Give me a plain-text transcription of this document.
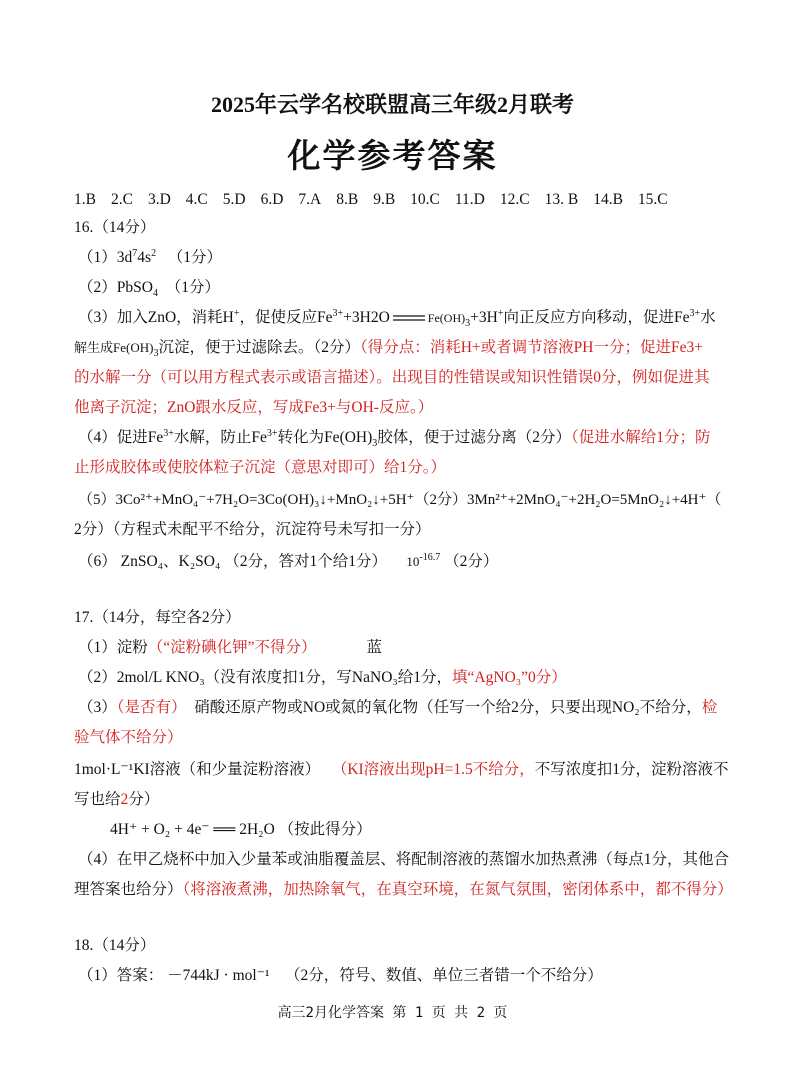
2025年云学名校联盟高三年级2月联考
化学参考答案
1.B 2.C 3.D 4.C 5.D 6.D 7.A 8.B 9.B 10.C 11.D 12.C 13. B 14.B 15.C
16.（14分）
$(1)3d^74s^2$ （1分）
（2）PbSO$_4$ （1分）
（3）加入ZnO，消耗H+，促使反应$Fe^{3+}+3H2O$	$Fe(OH)_3+3H^+$向正反应方向移动，促进$Fe^{3+}$水
解生成$Fe(OH)_3$沉淀，便于过滤除去。（2分）（得分点：消耗H+或者调节溶液PH一分；促进Fe3+
的水解一分（可以用方程式表示或语言描述）。出现目的性错误或知识性错误0分，例如促进其
他离子沉淀；ZnO跟水反应，写成Fe3+与OH-反应。）
（4）促进$Fe^{3+}$水解，防止$Fe^{3+}$转化为$Fe(OH)_3$胶体，便于过滤分离（2分）（促进水解给1分；防
止形成胶体或使胶体粒子沉淀（意思对即可）给1分。）
（5）3Co²⁺+MnO₄⁻+7H₂O=3Co(OH)₃↓+MnO₂↓+5H⁺（2分）3Mn²⁺+2MnO₄⁻+2H₂O=5MnO₂↓+4H⁺（
2分）（方程式未配平不给分，沉淀符号未写扣一分）
（6） ZnSO₄、K₂SO₄ （2分，答对1个给1分） $10^{-16.7}$ （2分）
17.（14分，每空各2分）
（1）淀粉（“淀粉碘化钾”不得分）	蓝
（2）2mol/L KNO₃（没有浓度扣1分，写NaNO₃给1分，填“AgNO₃”0分）
（3）（是否有） 硝酸还原产物或NO或氮的氧化物（任写一个给2分，只要出现NO₂不给分，检
验气体不给分）
1mol·L⁻¹KI溶液（和少量淀粉溶液） （KI溶液出现pH=1.5不给分，不写浓度扣1分，淀粉溶液不
写也给2分）
4H⁺ + O₂ + 4e⁻ ══ 2H₂O （按此得分）
（4）在甲乙烧杯中加入少量苯或油脂覆盖层、将配制溶液的蒸馏水加热煮沸（每点1分，其他合
理答案也给分）（将溶液煮沸，加热除氧气，在真空环境，在氮气氛围，密闭体系中，都不得分）
18.（14分）
（1）答案： －744kJ · mol⁻¹ （2分，符号、数值、单位三者错一个不给分）
高三2月化学答案 第 1 页 共 2 页
